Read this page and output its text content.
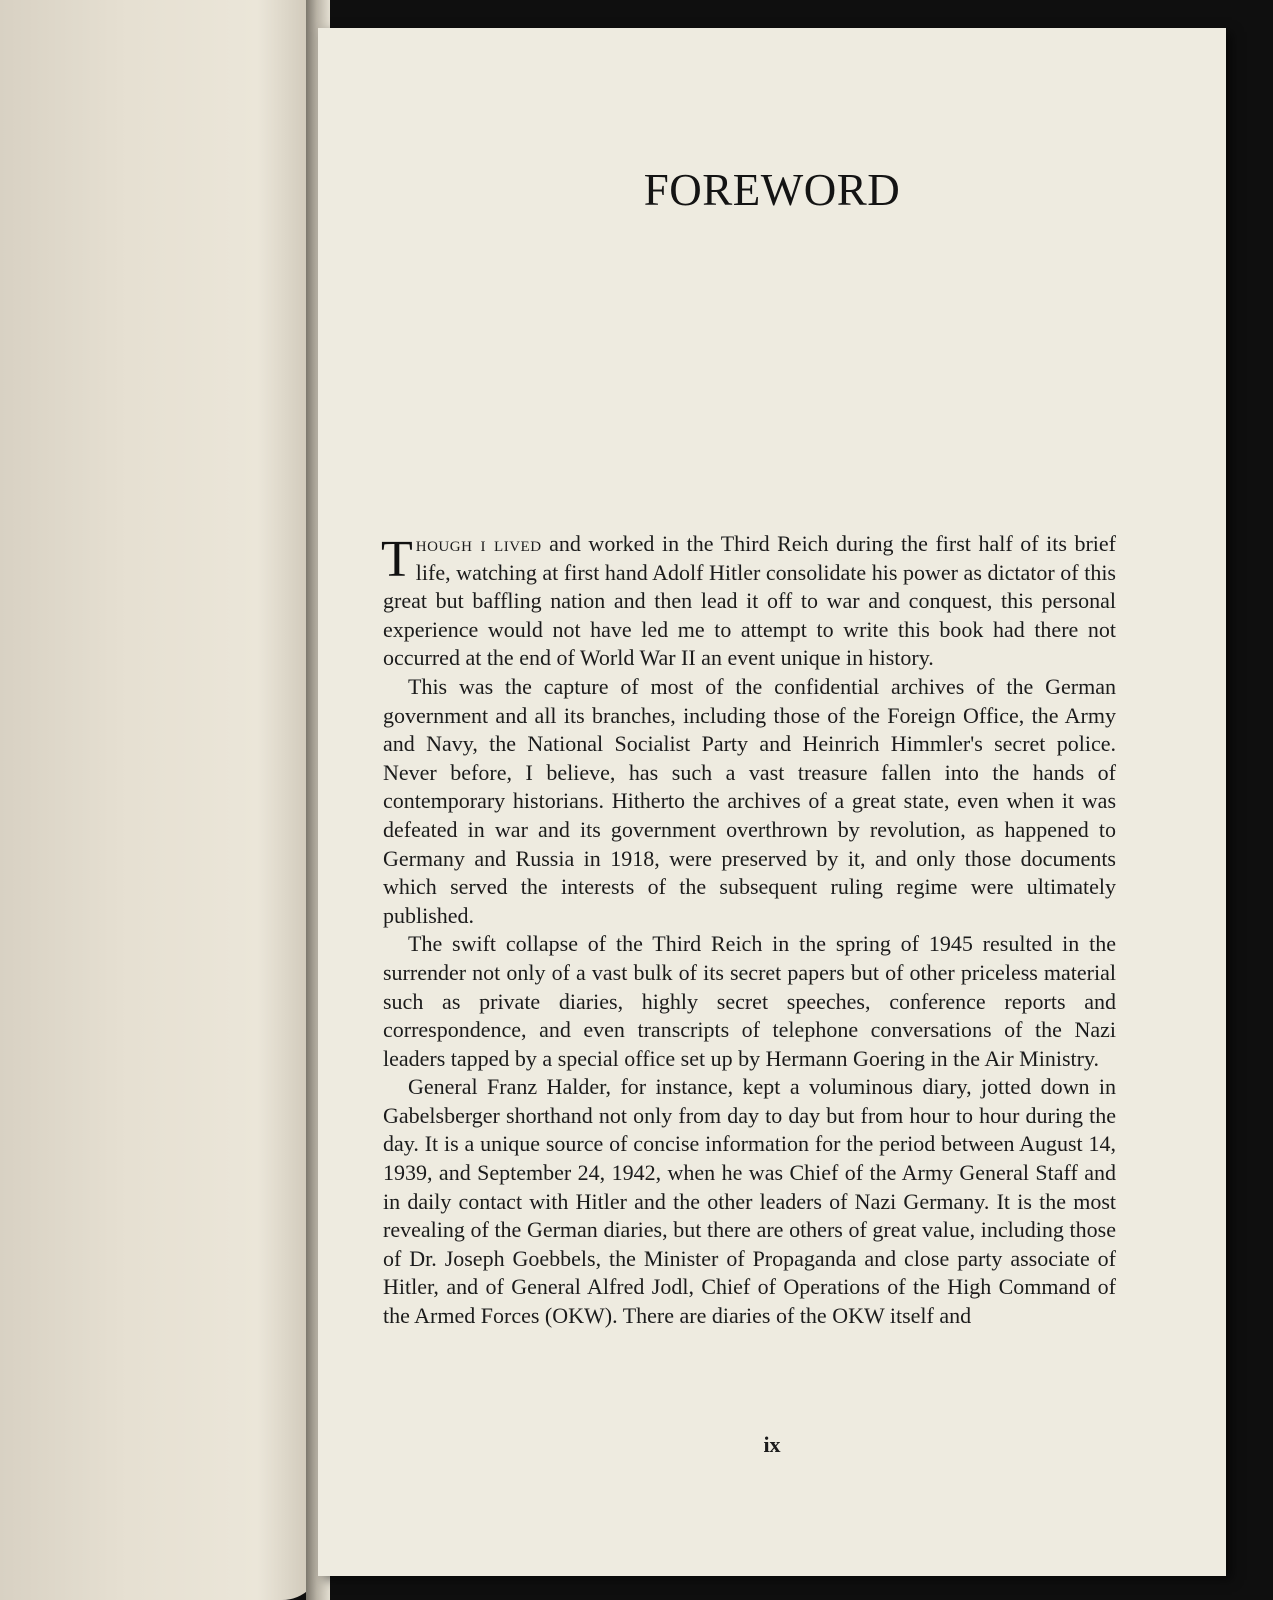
FOREWORD

Though i lived and worked in the Third Reich during the first half of its brief life, watching at first hand Adolf Hitler consolidate his power as dictator of this great but baffling nation and then lead it off to war and conquest, this personal experience would not have led me to attempt to write this book had there not occurred at the end of World War II an event unique in history.

This was the capture of most of the confidential archives of the German government and all its branches, including those of the Foreign Office, the Army and Navy, the National Socialist Party and Heinrich Himmler's secret police. Never before, I believe, has such a vast treasure fallen into the hands of contemporary historians. Hitherto the archives of a great state, even when it was defeated in war and its government overthrown by revolution, as happened to Germany and Russia in 1918, were preserved by it, and only those documents which served the interests of the subsequent ruling regime were ultimately published.

The swift collapse of the Third Reich in the spring of 1945 resulted in the surrender not only of a vast bulk of its secret papers but of other priceless material such as private diaries, highly secret speeches, conference reports and correspondence, and even transcripts of telephone conversations of the Nazi leaders tapped by a special office set up by Hermann Goering in the Air Ministry.

General Franz Halder, for instance, kept a voluminous diary, jotted down in Gabelsberger shorthand not only from day to day but from hour to hour during the day. It is a unique source of concise information for the period between August 14, 1939, and September 24, 1942, when he was Chief of the Army General Staff and in daily contact with Hitler and the other leaders of Nazi Germany. It is the most revealing of the German diaries, but there are others of great value, including those of Dr. Joseph Goebbels, the Minister of Propaganda and close party associate of Hitler, and of General Alfred Jodl, Chief of Operations of the High Command of the Armed Forces (OKW). There are diaries of the OKW itself and

ix
